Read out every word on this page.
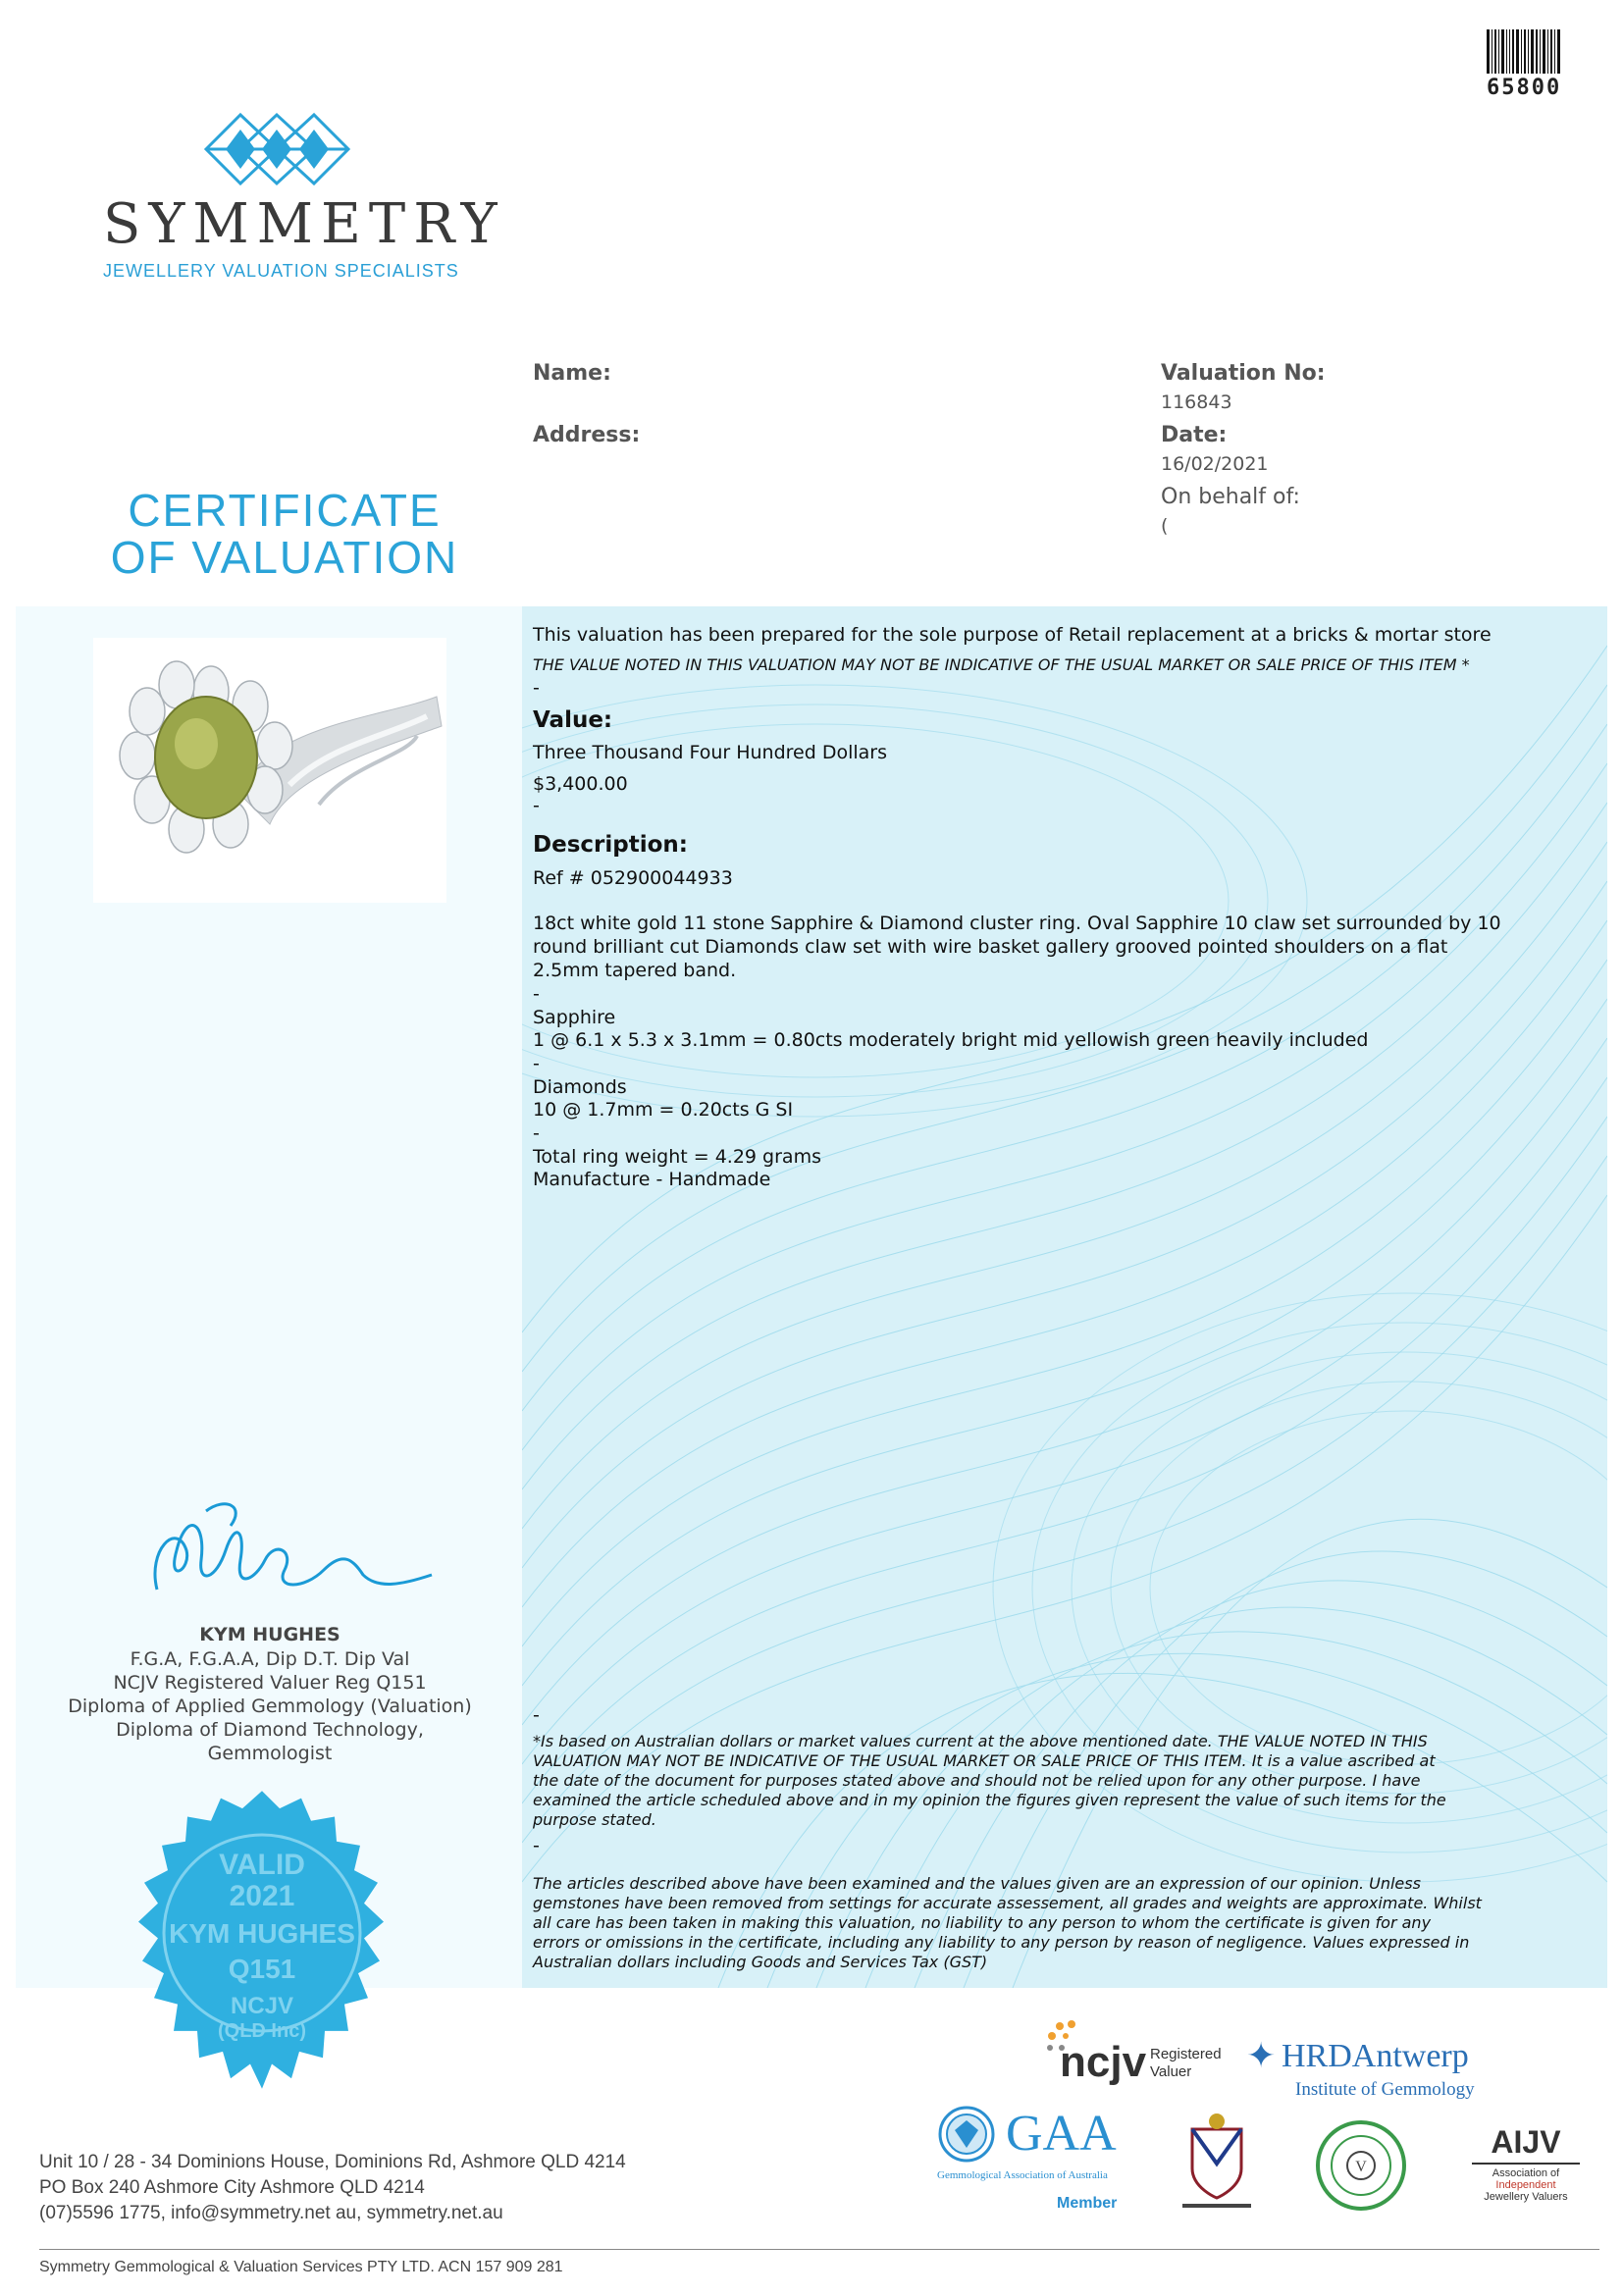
65800
SYMMETRY
JEWELLERY VALUATION SPECIALISTS
Name:
Address:
Valuation No:
116843
Date:
16/02/2021
On behalf of:
(
CERTIFICATE
OF VALUATION
This valuation has been prepared for the sole purpose of Retail replacement at a bricks & mortar store
THE VALUE NOTED IN THIS VALUATION MAY NOT BE INDICATIVE OF THE USUAL MARKET OR SALE PRICE OF THIS ITEM *
-
Value:
Three Thousand Four Hundred Dollars
$3,400.00
-
Description:
Ref # 052900044933
18ct white gold 11 stone Sapphire & Diamond cluster ring. Oval Sapphire 10 claw set surrounded by 10
round brilliant cut Diamonds claw set with wire basket gallery grooved pointed shoulders on a flat
2.5mm tapered band.
-
Sapphire
1 @ 6.1 x 5.3 x 3.1mm = 0.80cts moderately bright mid yellowish green heavily included
-
Diamonds
10 @ 1.7mm = 0.20cts G SI
-
Total ring weight = 4.29 grams
Manufacture - Handmade
-
*Is based on Australian dollars or market values current at the above mentioned date. THE VALUE NOTED IN THIS
VALUATION MAY NOT BE INDICATIVE OF THE USUAL MARKET OR SALE PRICE OF THIS ITEM. It is a value ascribed at
the date of the document for purposes stated above and should not be relied upon for any other purpose. I have
examined the article scheduled above and in my opinion the figures given represent the value of such items for the
purpose stated.
-
The articles described above have been examined and the values given are an expression of our opinion. Unless
gemstones have been removed from settings for accurate assessement, all grades and weights are approximate. Whilst
all care has been taken in making this valuation, no liability to any person to whom the certificate is given for any
errors or omissions in the certificate, including any liability to any person by reason of negligence. Values expressed in
Australian dollars including Goods and Services Tax (GST)
KYM HUGHES
F.G.A, F.G.A.A, Dip D.T. Dip Val
NCJV Registered Valuer Reg Q151
Diploma of Applied Gemmology (Valuation)
Diploma of Diamond Technology,
Gemmologist
VALID
2021
KYM HUGHES
Q151
NCJV
(QLD Inc)
ncjv Registered
Valuer ✦ HRDAntwerp
Institute of Gemmology
GAA
Gemmological Association of Australia
Member
V
AIJV
Association of
Independent
Jewellery Valuers
Unit 10 / 28 - 34 Dominions House, Dominions Rd, Ashmore QLD 4214
PO Box 240 Ashmore City Ashmore QLD 4214
(07)5596 1775, info@symmetry.net au, symmetry.net.au
Symmetry Gemmological & Valuation Services PTY LTD. ACN 157 909 281
